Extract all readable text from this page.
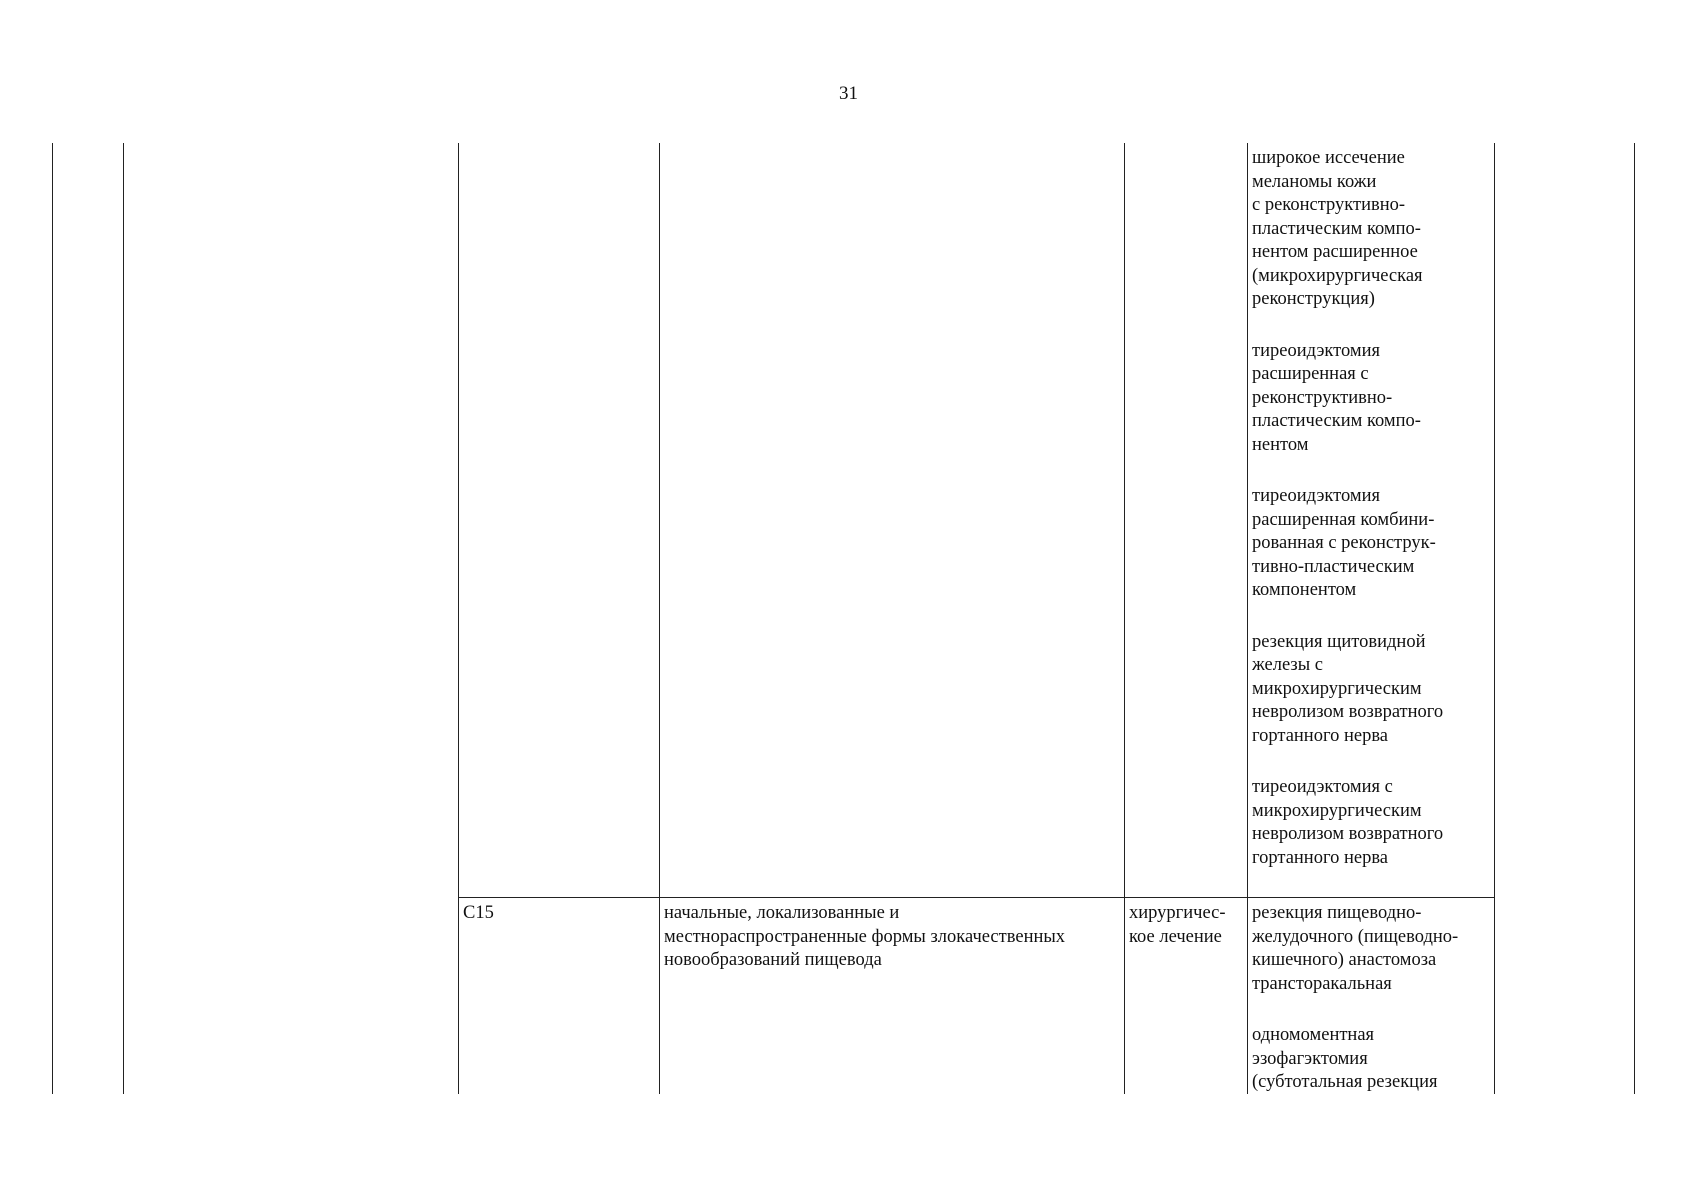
31
широкое иссечение
меланомы кожи
с реконструктивно-
пластическим компо-
нентом расширенное
(микрохирургическая
реконструкция)
тиреоидэктомия
расширенная с
реконструктивно-
пластическим компо-
нентом
тиреоидэктомия
расширенная комбини-
рованная с реконструк-
тивно-пластическим
компонентом
резекция щитовидной
железы с
микрохирургическим
невролизом возвратного
гортанного нерва
тиреоидэктомия с
микрохирургическим
невролизом возвратного
гортанного нерва
C15	начальные, локализованные и
местнораспространенные формы злокачественных
новообразований пищевода
хирургичес-
кое лечение
резекция пищеводно-
желудочного (пищеводно-
кишечного) анастомоза
трансторакальная
одномоментная
эзофагэктомия
(субтотальная резекция
